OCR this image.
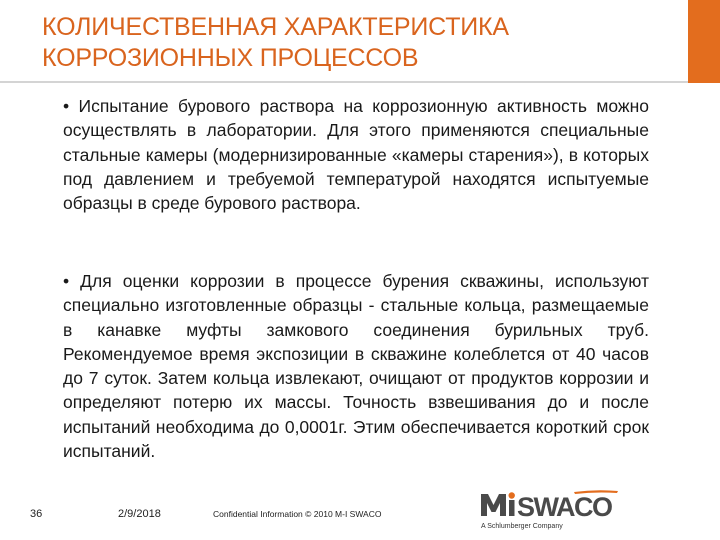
КОЛИЧЕСТВЕННАЯ ХАРАКТЕРИСТИКА
КОРРОЗИОННЫХ ПРОЦЕССОВ

• Испытание бурового раствора на коррозионную активность можно осуществлять в лаборатории. Для этого применяются специальные стальные камеры (модернизированные «камеры старения»), в которых под давлением и требуемой температурой находятся испытуемые образцы в среде бурового раствора.

• Для оценки коррозии в процессе бурения скважины, используют специально изготовленные образцы - стальные кольца, размещаемые в канавке муфты замкового соединения бурильных труб. Рекомендуемое время экспозиции в скважине колеблется от 40 часов до 7 суток. Затем кольца извлекают, очищают от продуктов коррозии и определяют потерю их массы. Точность взвешивания до и после испытаний необходима до 0,0001г. Этим обеспечивается короткий срок испытаний.

36	2/9/2018	Confidential Information © 2010 M-I SWACO	SWACO
A Schlumberger Company
